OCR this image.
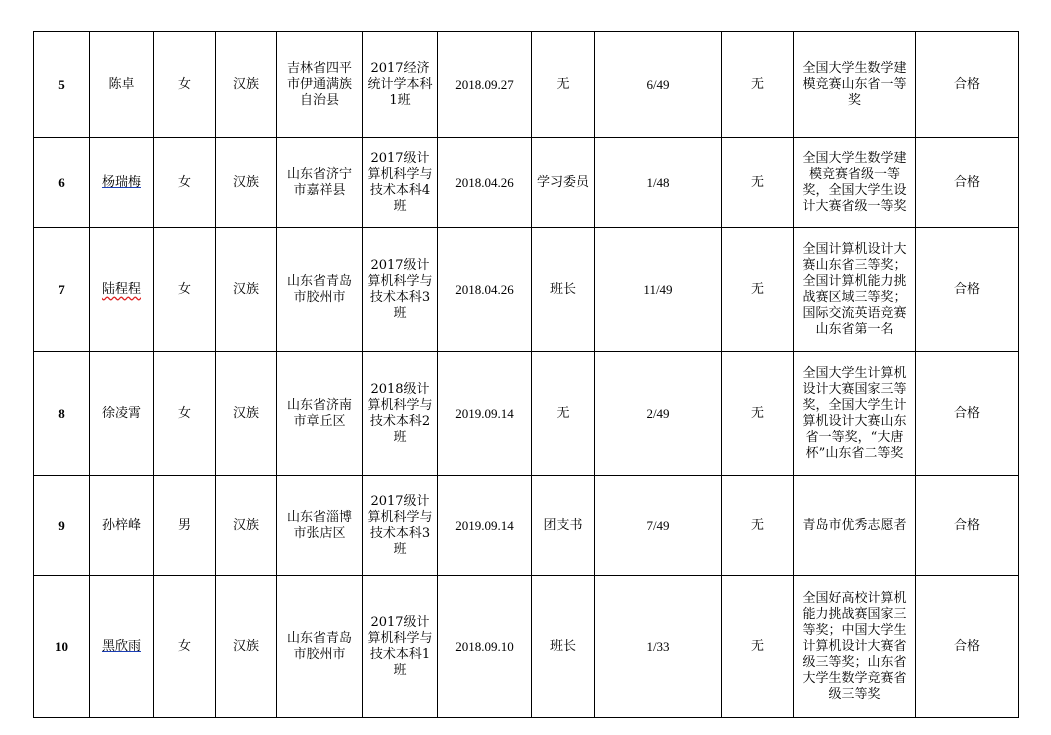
5	陈卓	女	汉族	吉林省四平市伊通满族自治县	2017经济统计学本科1班	2018.09.27	无	6/49	无	全国大学生数学建模竞赛山东省一等奖	合格
6	杨瑞梅	女	汉族	山东省济宁市嘉祥县	2017级计算机科学与技术本科4班	2018.04.26	学习委员	1/48	无	全国大学生数学建模竞赛省级一等奖，全国大学生设计大赛省级一等奖	合格
7	陆程程	女	汉族	山东省青岛市胶州市	2017级计算机科学与技术本科3班	2018.04.26	班长	11/49	无	全国计算机设计大赛山东省三等奖；全国计算机能力挑战赛区域三等奖；国际交流英语竞赛山东省第一名	合格
8	徐凌霄	女	汉族	山东省济南市章丘区	2018级计算机科学与技术本科2班	2019.09.14	无	2/49	无	全国大学生计算机设计大赛国家三等奖，全国大学生计算机设计大赛山东省一等奖，“大唐杯”山东省二等奖	合格
9	孙梓峰	男	汉族	山东省淄博市张店区	2017级计算机科学与技术本科3班	2019.09.14	团支书	7/49	无	青岛市优秀志愿者	合格
10	黑欣雨	女	汉族	山东省青岛市胶州市	2017级计算机科学与技术本科1班	2018.09.10	班长	1/33	无	全国好高校计算机能力挑战赛国家三等奖；中国大学生计算机设计大赛省级三等奖；山东省大学生数学竞赛省级三等奖	合格
